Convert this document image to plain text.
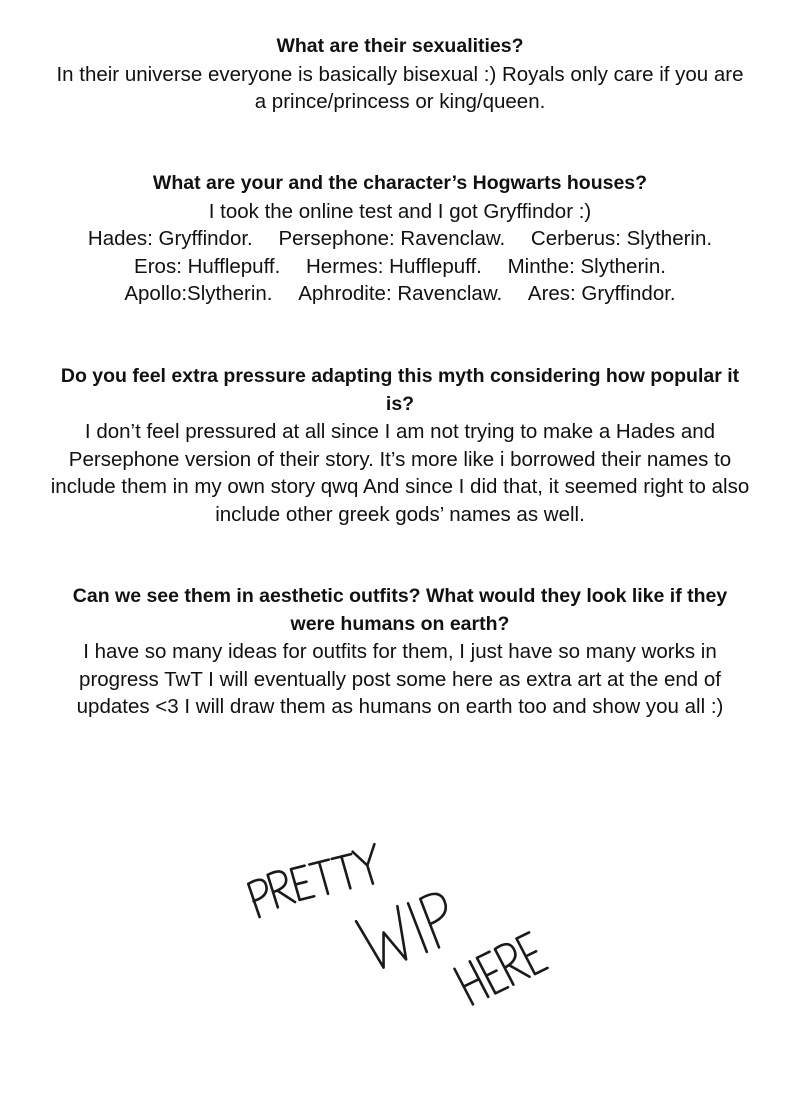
What are their sexualities?

In their universe everyone is basically bisexual :) Royals only care if you are a prince/princess or king/queen.

What are your and the character’s Hogwarts houses?

I took the online test and I got Gryffindor :)

Hades: Gryffindor. Persephone: Ravenclaw. Cerberus: Slytherin.

Eros: Hufflepuff. Hermes: Hufflepuff. Minthe: Slytherin.

Apollo:Slytherin. Aphrodite: Ravenclaw. Ares: Gryffindor.

Do you feel extra pressure adapting this myth considering how popular it is?

I don’t feel pressured at all since I am not trying to make a Hades and Persephone version of their story. It’s more like i borrowed their names to include them in my own story qwq And since I did that, it seemed right to also include other greek gods’ names as well.

Can we see them in aesthetic outfits? What would they look like if they were humans on earth?

I have so many ideas for outfits for them, I just have so many works in progress TwT I will eventually post some here as extra art at the end of updates <3 I will draw them as humans on earth too and show you all :)
